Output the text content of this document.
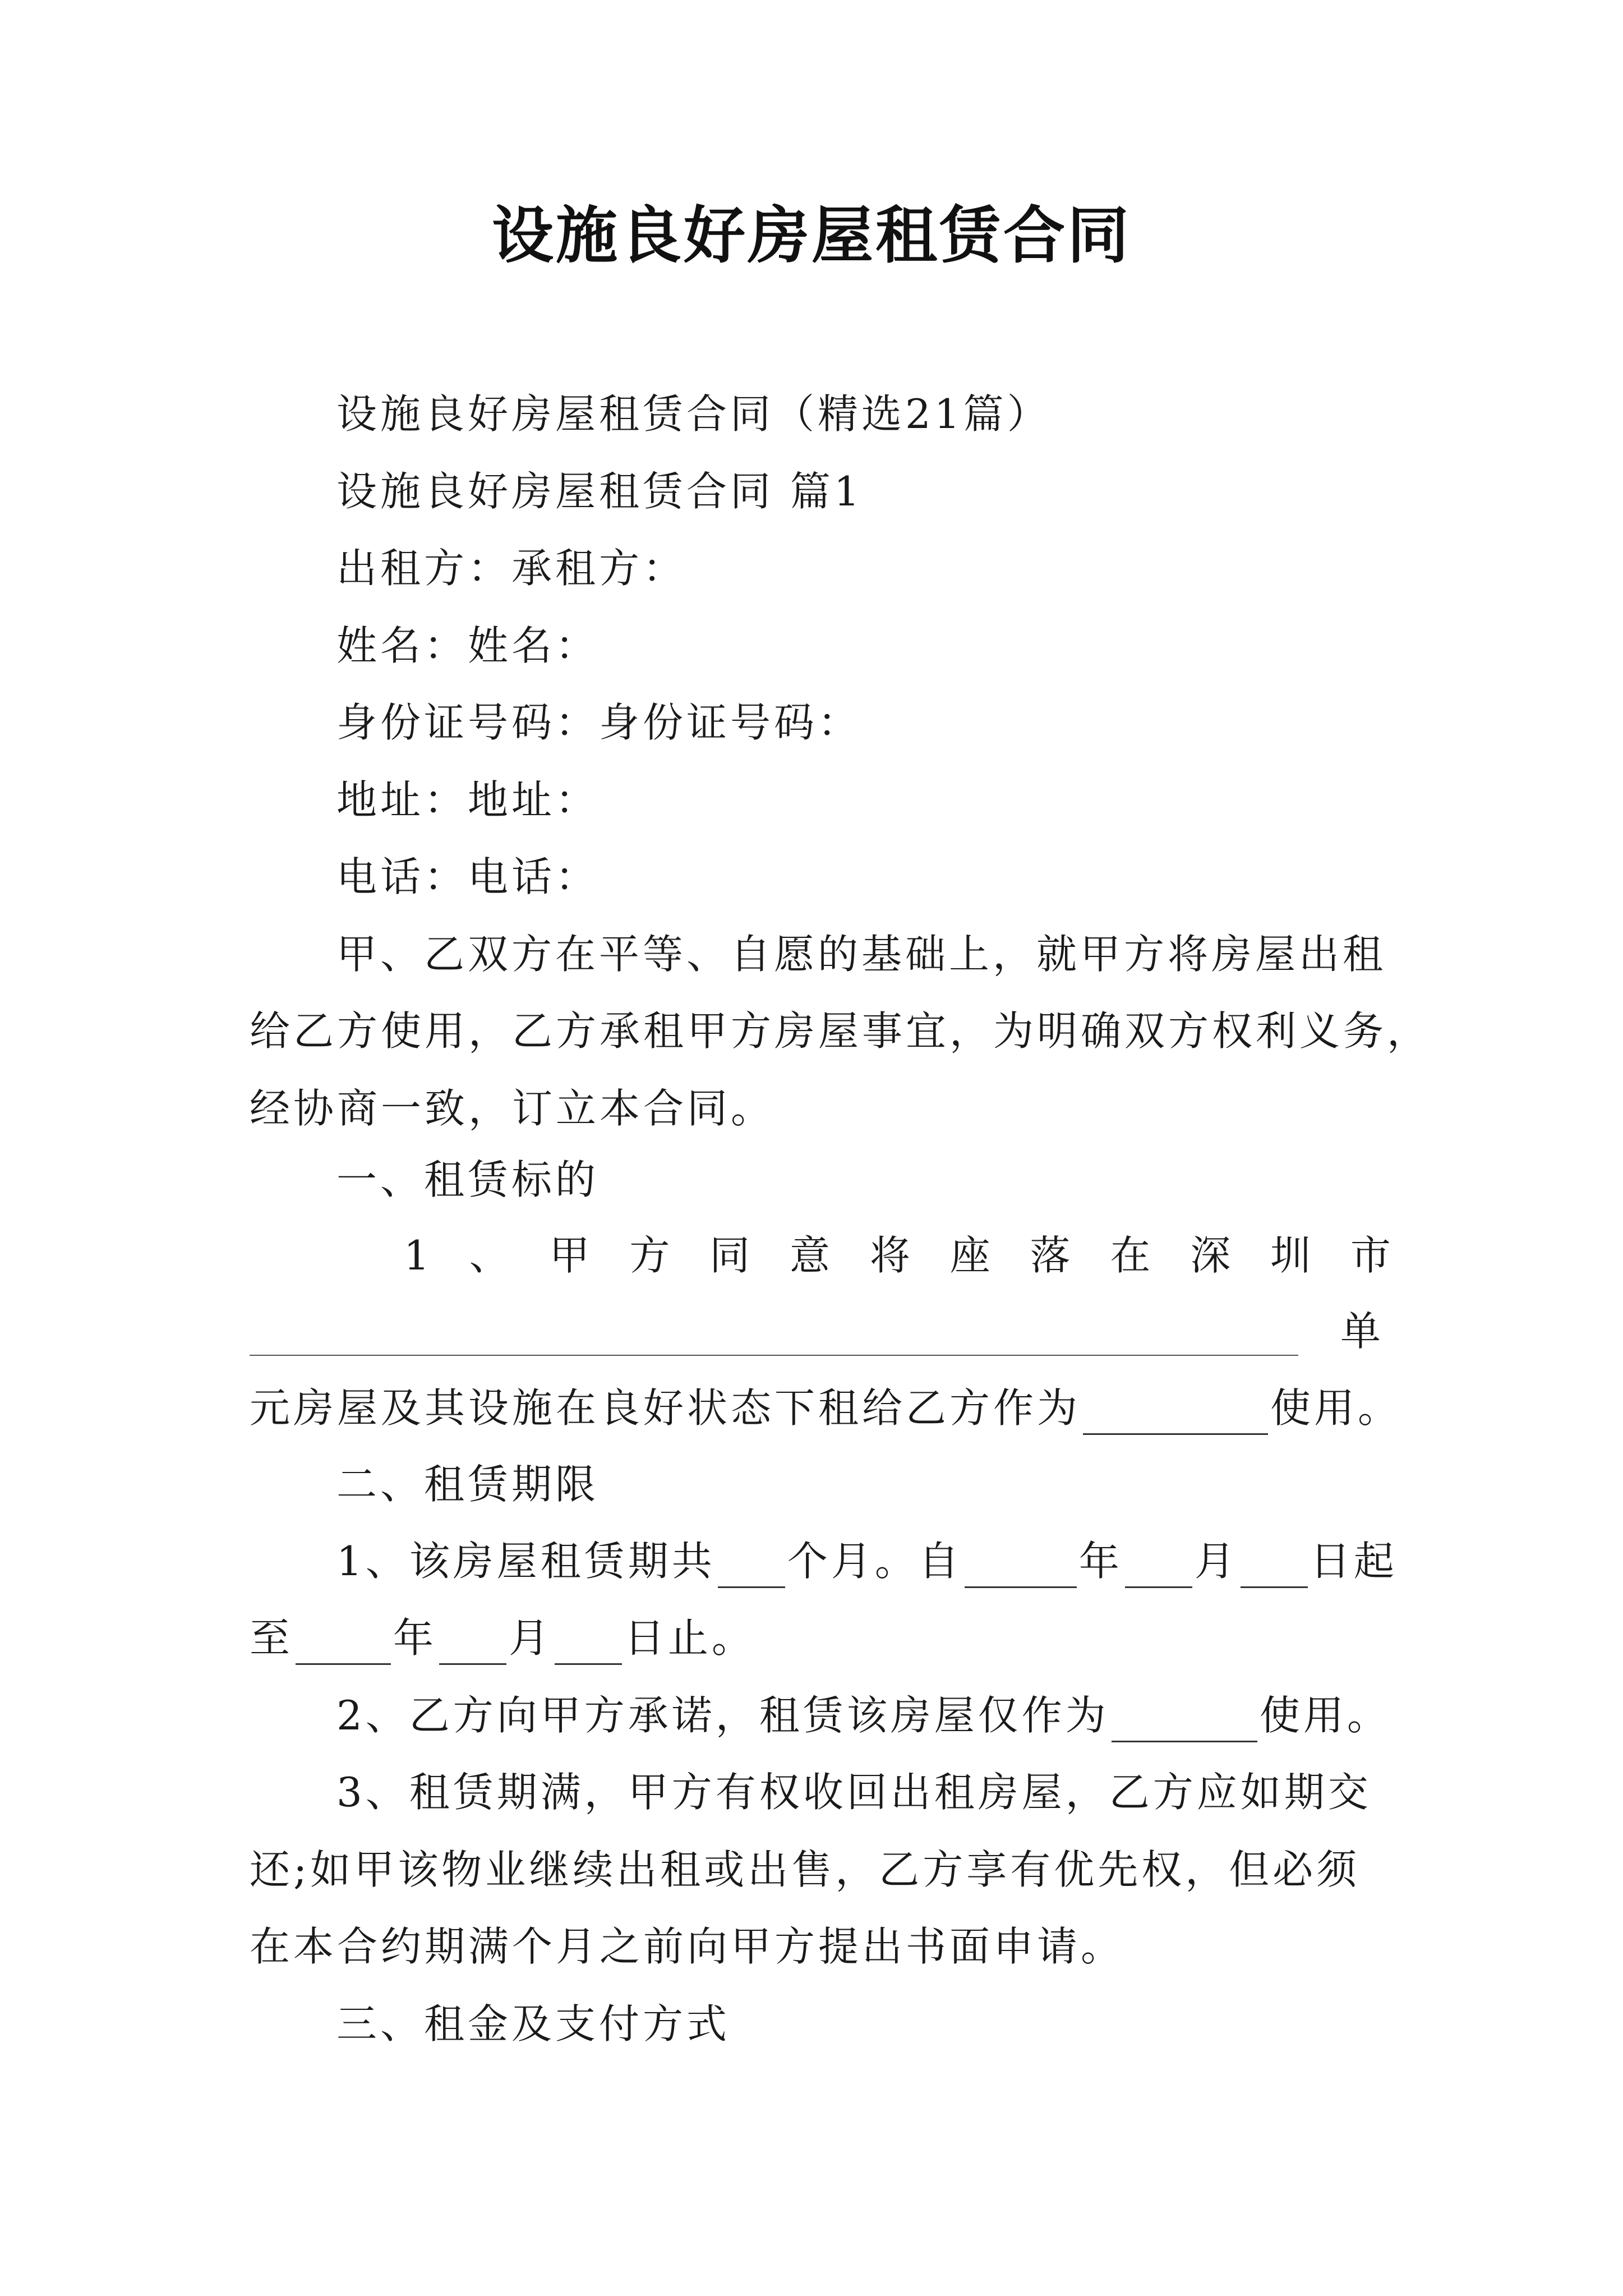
设施良好房屋租赁合同
设施良好房屋租赁合同（精选21篇）
设施良好房屋租赁合同 篇1
出租方：承租方：
姓名：姓名：
身份证号码：身份证号码：
地址：地址：
电话：电话：
甲、乙双方在平等、自愿的基础上，就甲方将房屋出租
给乙方使用，乙方承租甲方房屋事宜，为明确双方权利义务，
经协商一致，订立本合同。
一、租赁标的
1 、 甲 方 同 意 将 座 落 在 深 圳 市
单
元房屋及其设施在良好状态下租给乙方作为	使用。
二、租赁期限
1、该房屋租赁期共 个月。自	年 月 日起
至 年 月 日止。
2、乙方向甲方承诺，租赁该房屋仅作为	使用。
3、租赁期满，甲方有权收回出租房屋，乙方应如期交
还;如甲该物业继续出租或出售，乙方享有优先权，但必须
在本合约期满个月之前向甲方提出书面申请。
三、租金及支付方式
